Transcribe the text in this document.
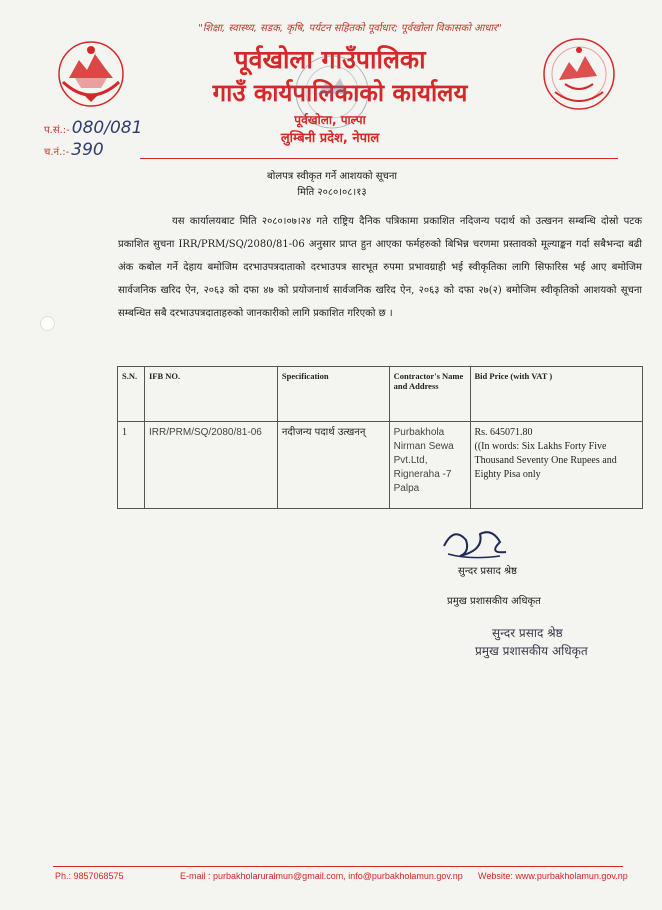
"शिक्षा, स्वास्थ्य, सडक, कृषि, पर्यटन सहितको पूर्वाधार; पूर्वखोला विकासको आधार"
पूर्वखोला गाउँपालिका
गाउँ कार्यपालिकाको कार्यालय
पूर्वखोला, पाल्पा
लुम्बिनी प्रदेश, नेपाल
प.सं.:- 080/081
च.नं.:- 390
बोलपत्र स्वीकृत गर्ने आशयको सूचना
मिति २०८०।०८।१३

यस कार्यालयबाट मिति २०८०।०७।२४ गते राष्ट्रिय दैनिक पत्रिकामा प्रकाशित नदिजन्य पदार्थ को उत्खनन सम्बन्धि दोस्रो पटक प्रकाशित सुचना IRR/PRM/SQ/2080/81-06 अनुसार प्राप्त हुन आएका फर्महरुको बिभिन्न चरणमा प्रस्तावको मूल्याङ्कन गर्दा सबैभन्दा बढी अंक कबोल गर्ने देहाय बमोजिम दरभाउपत्रदाताको दरभाउपत्र सारभूत रुपमा प्रभावग्राही भई स्वीकृतिका लागि सिफारिस भई आए बमोजिम सार्वजनिक खरिद ऐन, २०६३ को दफा ४७ को प्रयोजनार्थ सार्वजनिक खरिद ऐन, २०६३ को दफा २७(२) बमोजिम स्वीकृतिको आशयको सूचना सम्बन्धित सबै दरभाउपत्रदाताहरुको जानकारीको लागि प्रकाशित गरिएको छ ।

S.N.	IFB NO.	Specification	Contractor's Name and Address	Bid Price (with VAT )
1	IRR/PRM/SQ/2080/81-06	नदीजन्य पदार्थ उत्खनन्	Purbakhola Nirman Sewa Pvt.Ltd, Rigneraha -7 Palpa	Rs. 645071.80
((In words: Six Lakhs Forty Five Thousand Seventy One Rupees and Eighty Pisa only
सुन्दर प्रसाद श्रेष्ठ
प्रमुख प्रशासकीय अधिकृत
सुन्दर प्रसाद श्रेष्ठ
प्रमुख प्रशासकीय अधिकृत
Ph.: 9857068575	E-mail : purbakholaruralmun@gmail.com, info@purbakholamun.gov.np Website: www.purbakholamun.gov.np
